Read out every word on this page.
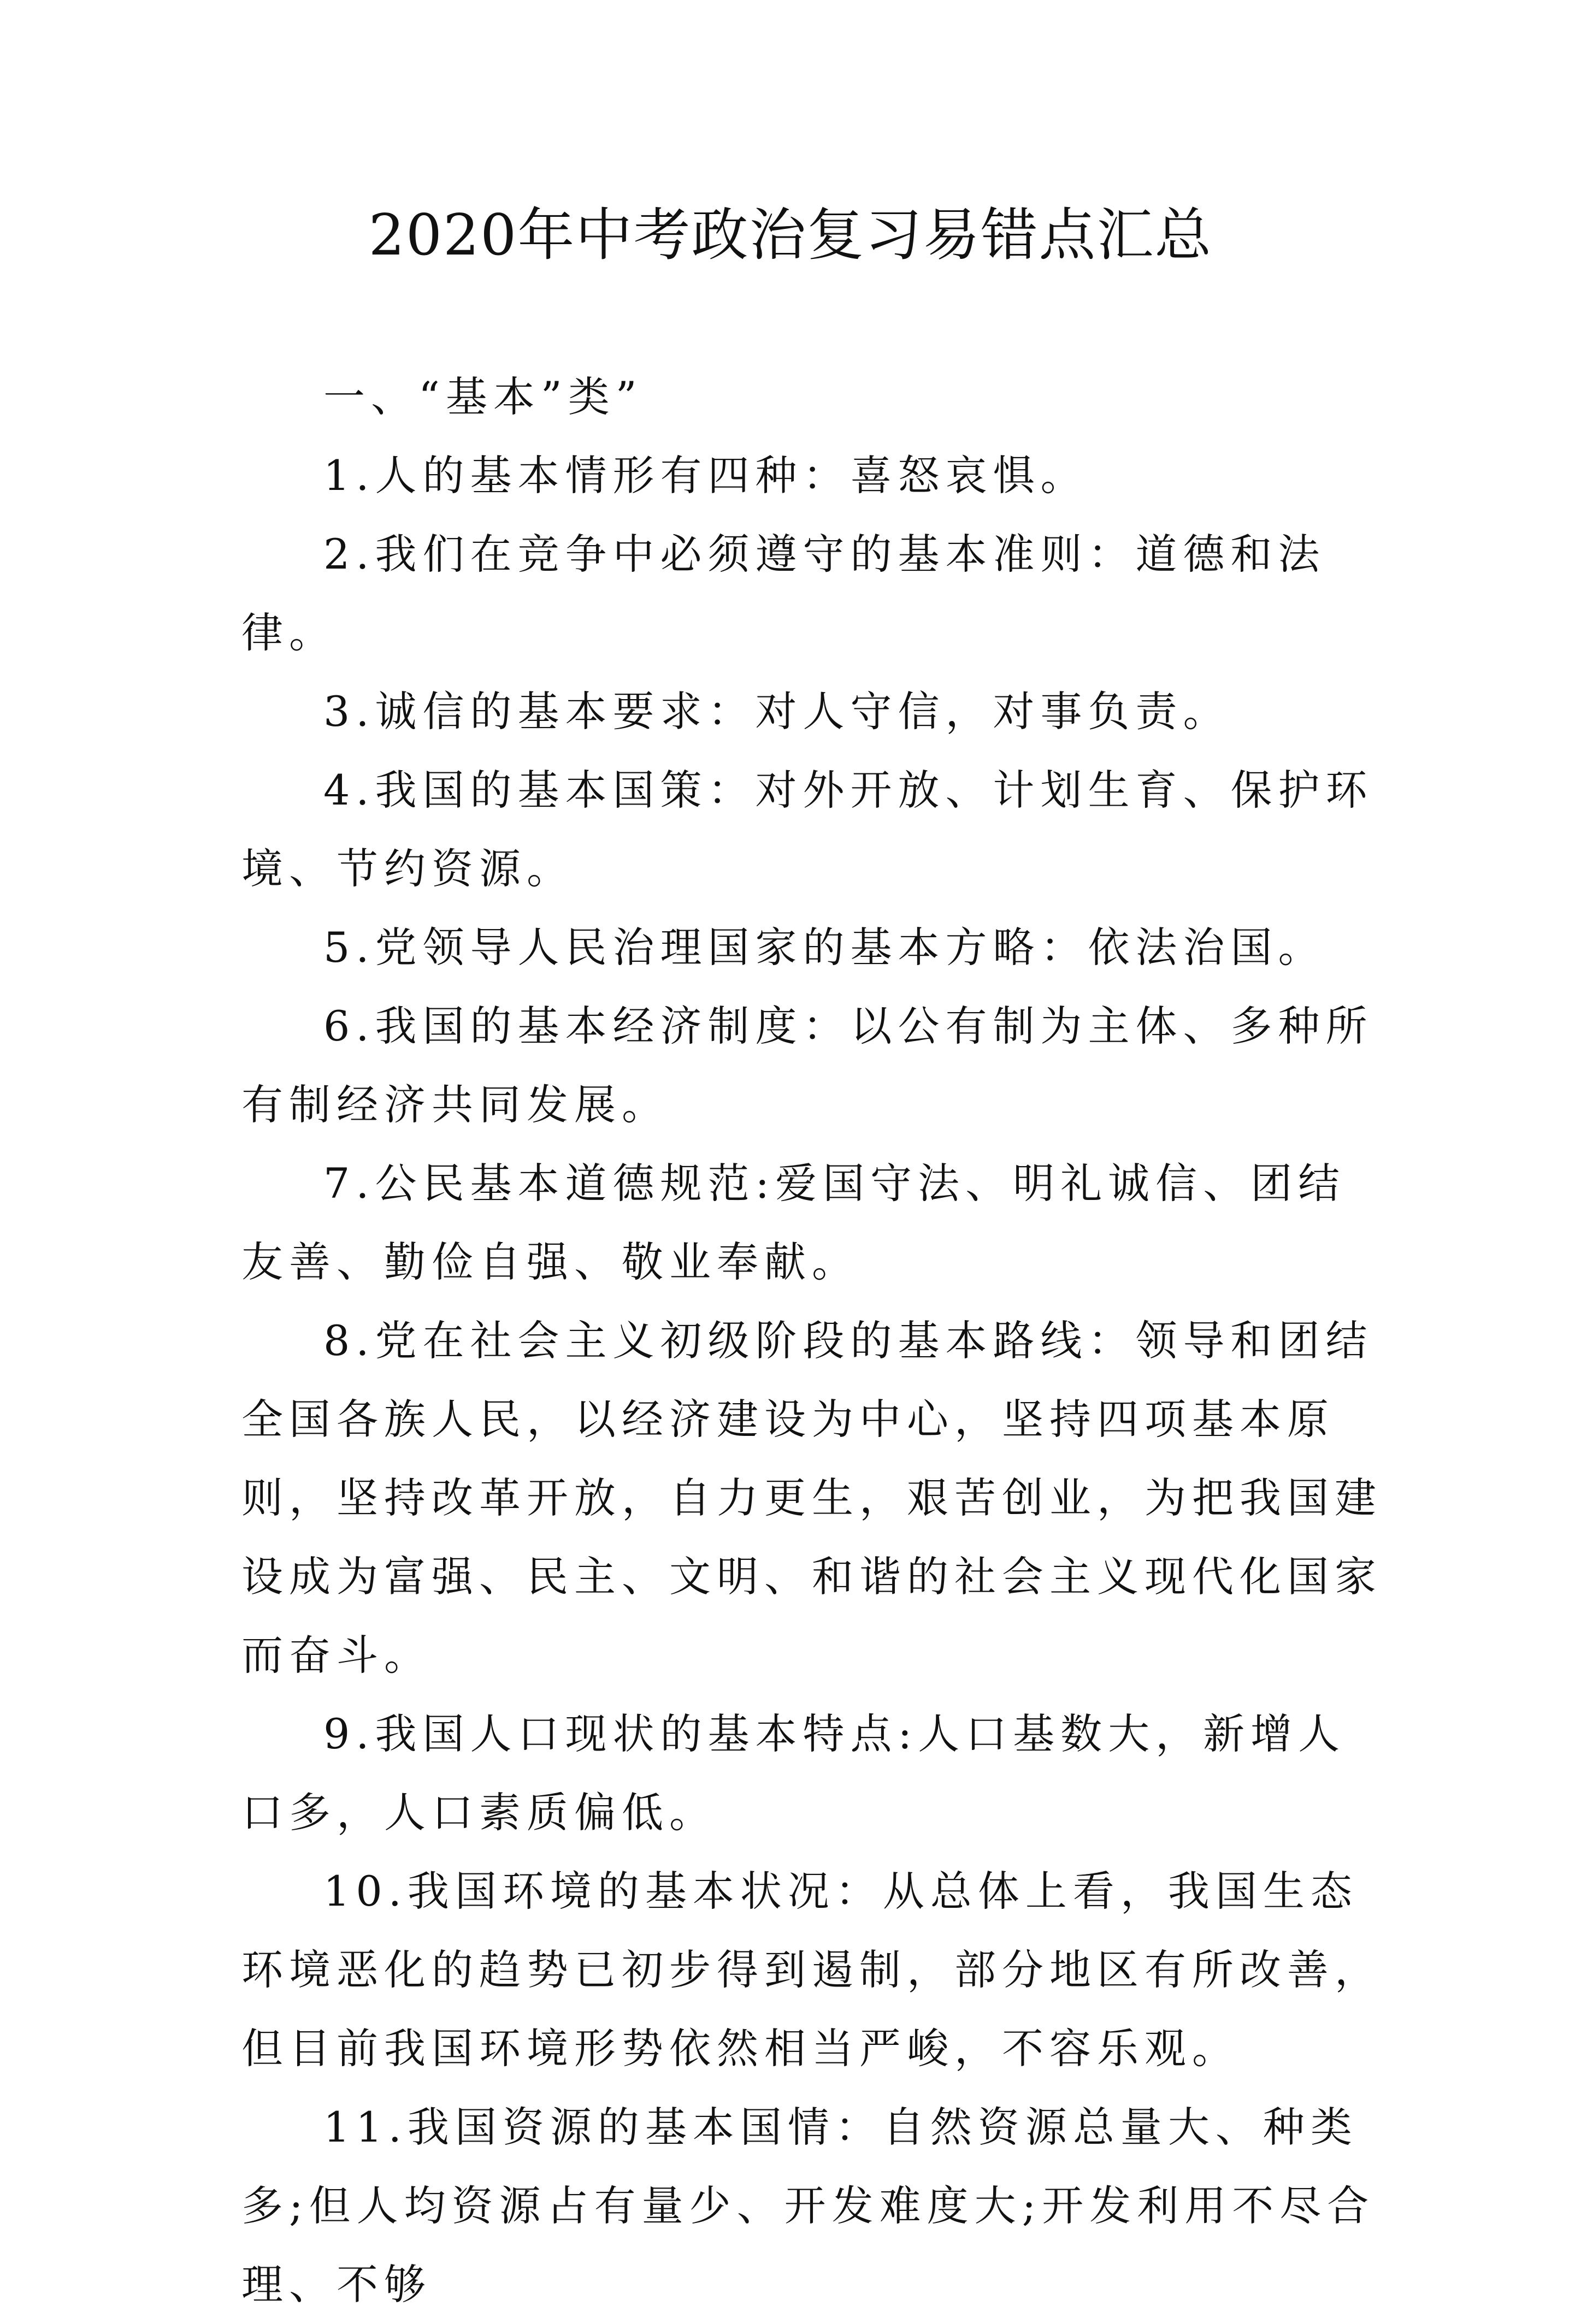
2020年中考政治复习易错点汇总

一、“基本”类”

1.人的基本情形有四种：喜怒哀惧。

2.我们在竞争中必须遵守的基本准则：道德和法律。

3.诚信的基本要求：对人守信，对事负责。

4.我国的基本国策：对外开放、计划生育、保护环境、节约资源。

5.党领导人民治理国家的基本方略：依法治国。

6.我国的基本经济制度：以公有制为主体、多种所有制经济共同发展。

7.公民基本道德规范:爱国守法、明礼诚信、团结友善、勤俭自强、敬业奉献。

8.党在社会主义初级阶段的基本路线：领导和团结全国各族人民，以经济建设为中心，坚持四项基本原则，坚持改革开放，自力更生，艰苦创业，为把我国建设成为富强、民主、文明、和谐的社会主义现代化国家而奋斗。

9.我国人口现状的基本特点:人口基数大，新增人口多，人口素质偏低。

10.我国环境的基本状况：从总体上看，我国生态环境恶化的趋势已初步得到遏制，部分地区有所改善，但目前我国环境形势依然相当严峻，不容乐观。

11.我国资源的基本国情：自然资源总量大、种类多;但人均资源占有量少、开发难度大;开发利用不尽合理、不够
